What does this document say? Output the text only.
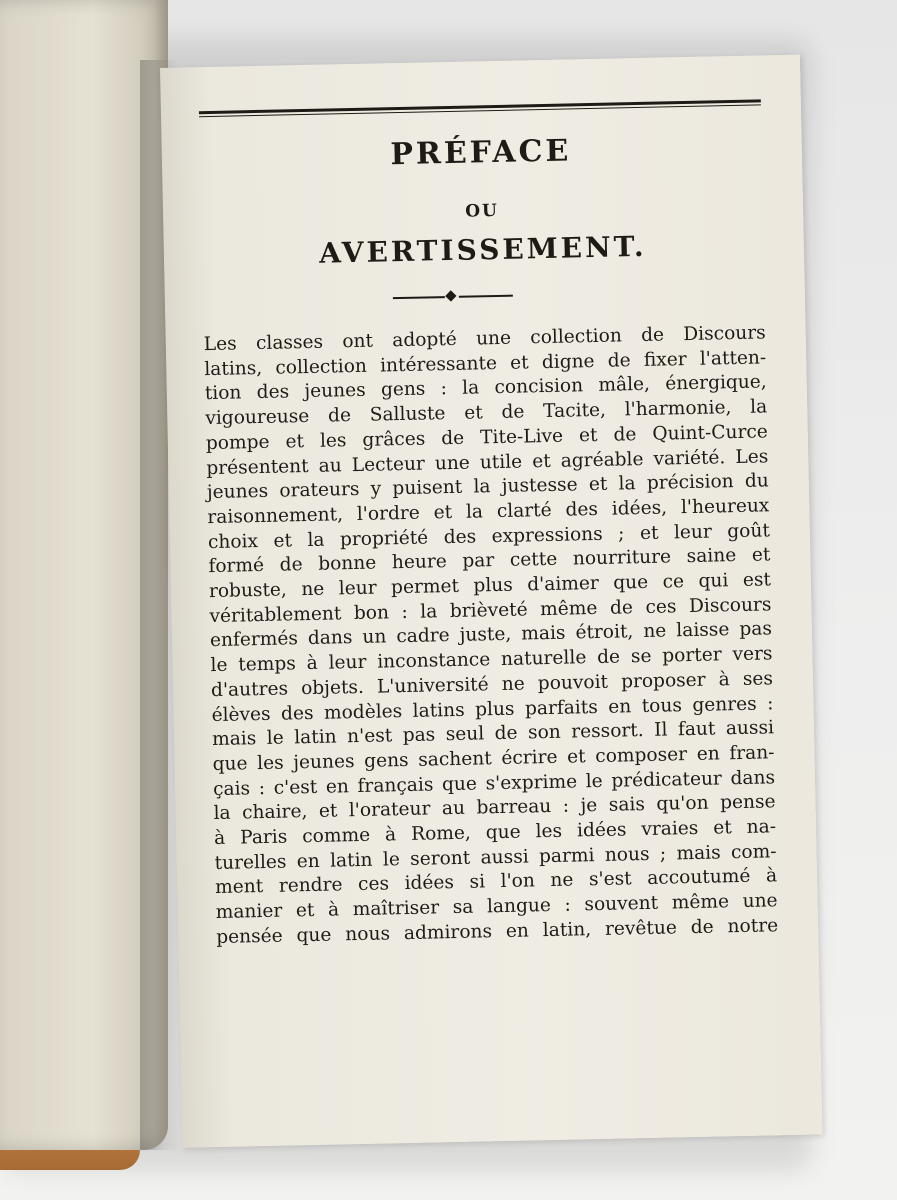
PRÉFACE
OU
AVERTISSEMENT.
Les classes ont adopté une collection de Discours
latins, collection intéressante et digne de fixer l'atten-
tion des jeunes gens : la concision mâle, énergique,
vigoureuse de Salluste et de Tacite, l'harmonie, la
pompe et les grâces de Tite-Live et de Quint-Curce
présentent au Lecteur une utile et agréable variété. Les
jeunes orateurs y puisent la justesse et la précision du
raisonnement, l'ordre et la clarté des idées, l'heureux
choix et la propriété des expressions ; et leur goût
formé de bonne heure par cette nourriture saine et
robuste, ne leur permet plus d'aimer que ce qui est
véritablement bon : la brièveté même de ces Discours
enfermés dans un cadre juste, mais étroit, ne laisse pas
le temps à leur inconstance naturelle de se porter vers
d'autres objets. L'université ne pouvoit proposer à ses
élèves des modèles latins plus parfaits en tous genres :
mais le latin n'est pas seul de son ressort. Il faut aussi
que les jeunes gens sachent écrire et composer en fran-
çais : c'est en français que s'exprime le prédicateur dans
la chaire, et l'orateur au barreau : je sais qu'on pense
à Paris comme à Rome, que les idées vraies et na-
turelles en latin le seront aussi parmi nous ; mais com-
ment rendre ces idées si l'on ne s'est accoutumé à
manier et à maîtriser sa langue : souvent même une
pensée que nous admirons en latin, revêtue de notre
